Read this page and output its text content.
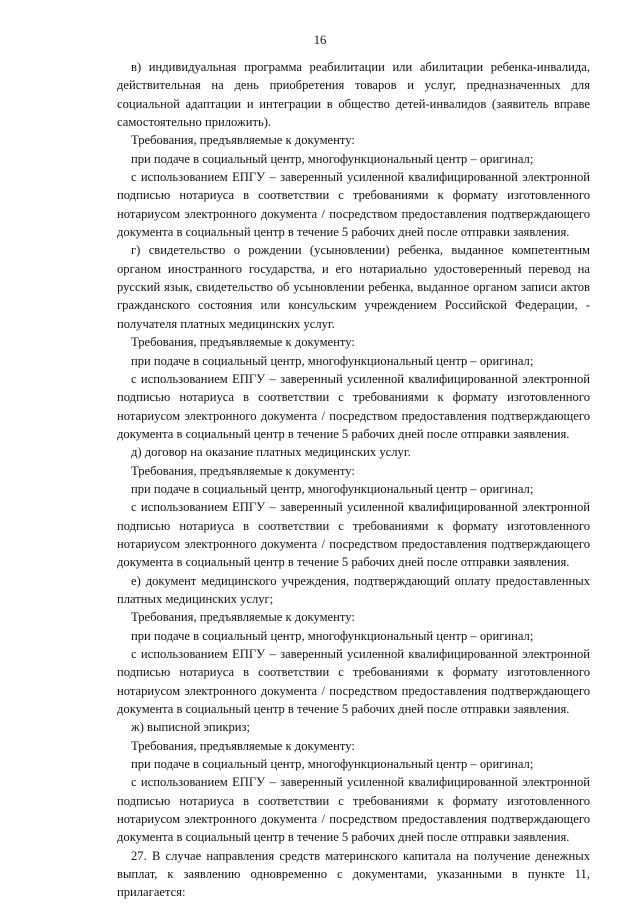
16

в) индивидуальная программа реабилитации или абилитации ребенка-инвалида, действительная на день приобретения товаров и услуг, предназначенных для социальной адаптации и интеграции в общество детей-инвалидов (заявитель вправе самостоятельно приложить).

Требования, предъявляемые к документу:

при подаче в социальный центр, многофункциональный центр – оригинал;

с использованием ЕПГУ – заверенный усиленной квалифицированной электронной подписью нотариуса в соответствии с требованиями к формату изготовленного нотариусом электронного документа / посредством предоставления подтверждающего документа в социальный центр в течение 5 рабочих дней после отправки заявления.

г) свидетельство о рождении (усыновлении) ребенка, выданное компетентным органом иностранного государства, и его нотариально удостоверенный перевод на русский язык, свидетельство об усыновлении ребенка, выданное органом записи актов гражданского состояния или консульским учреждением Российской Федерации, - получателя платных медицинских услуг.

Требования, предъявляемые к документу:

при подаче в социальный центр, многофункциональный центр – оригинал;

с использованием ЕПГУ – заверенный усиленной квалифицированной электронной подписью нотариуса в соответствии с требованиями к формату изготовленного нотариусом электронного документа / посредством предоставления подтверждающего документа в социальный центр в течение 5 рабочих дней после отправки заявления.

д) договор на оказание платных медицинских услуг.

Требования, предъявляемые к документу:

при подаче в социальный центр, многофункциональный центр – оригинал;

с использованием ЕПГУ – заверенный усиленной квалифицированной электронной подписью нотариуса в соответствии с требованиями к формату изготовленного нотариусом электронного документа / посредством предоставления подтверждающего документа в социальный центр в течение 5 рабочих дней после отправки заявления.

е) документ медицинского учреждения, подтверждающий оплату предоставленных платных медицинских услуг;

Требования, предъявляемые к документу:

при подаче в социальный центр, многофункциональный центр – оригинал;

с использованием ЕПГУ – заверенный усиленной квалифицированной электронной подписью нотариуса в соответствии с требованиями к формату изготовленного нотариусом электронного документа / посредством предоставления подтверждающего документа в социальный центр в течение 5 рабочих дней после отправки заявления.

ж) выписной эпикриз;

Требования, предъявляемые к документу:

при подаче в социальный центр, многофункциональный центр – оригинал;

с использованием ЕПГУ – заверенный усиленной квалифицированной электронной подписью нотариуса в соответствии с требованиями к формату изготовленного нотариусом электронного документа / посредством предоставления подтверждающего документа в социальный центр в течение 5 рабочих дней после отправки заявления.

27. В случае направления средств материнского капитала на получение денежных выплат, к заявлению одновременно с документами, указанными в пункте 11, прилагается:
